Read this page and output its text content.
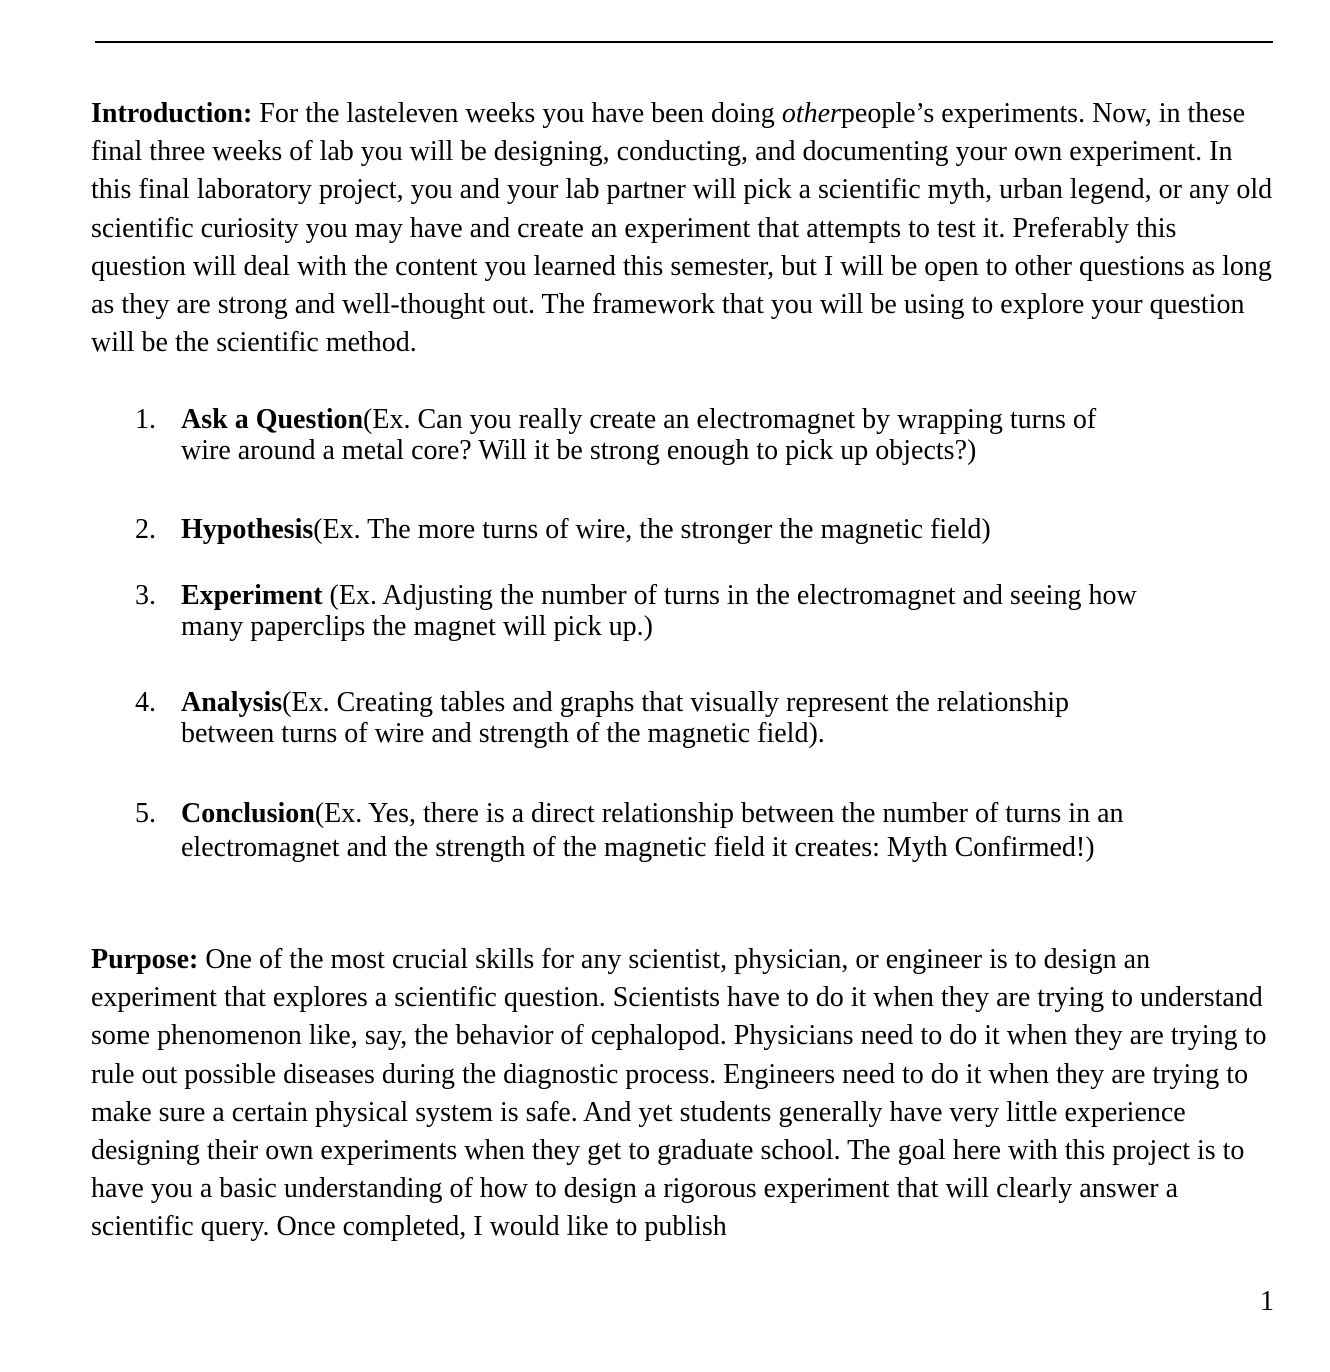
Introduction: For the lasteleven weeks you have been doing otherpeople’s experiments. Now, in these final three weeks of lab you will be designing, conducting, and documenting your own experiment. In this final laboratory project, you and your lab partner will pick a scientific myth, urban legend, or any old scientific curiosity you may have and create an experiment that attempts to test it. Preferably this question will deal with the content you learned this semester, but I will be open to other questions as long as they are strong and well-thought out. The framework that you will be using to explore your question will be the scientific method.

1. Ask a Question(Ex. Can you really create an electromagnet by wrapping turns of wire around a metal core? Will it be strong enough to pick up objects?)
2. Hypothesis(Ex. The more turns of wire, the stronger the magnetic field)
3. Experiment (Ex. Adjusting the number of turns in the electromagnet and seeing how many paperclips the magnet will pick up.)
4. Analysis(Ex. Creating tables and graphs that visually represent the relationship between turns of wire and strength of the magnetic field).
5. Conclusion(Ex. Yes, there is a direct relationship between the number of turns in an electromagnet and the strength of the magnetic field it creates: Myth Confirmed!)

Purpose: One of the most crucial skills for any scientist, physician, or engineer is to design an experiment that explores a scientific question. Scientists have to do it when they are trying to understand some phenomenon like, say, the behavior of cephalopod. Physicians need to do it when they are trying to rule out possible diseases during the diagnostic process. Engineers need to do it when they are trying to make sure a certain physical system is safe. And yet students generally have very little experience designing their own experiments when they get to graduate school. The goal here with this project is to have you a basic understanding of how to design a rigorous experiment that will clearly answer a scientific query. Once completed, I would like to publish

1
